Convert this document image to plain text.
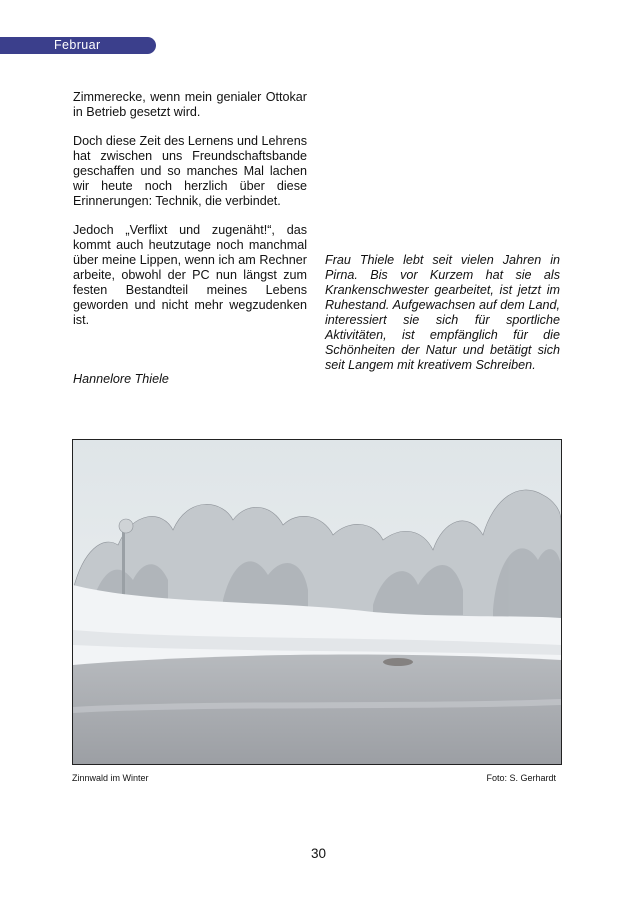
Februar

Zimmerecke, wenn mein genialer Ottokar in Betrieb gesetzt wird.

Doch diese Zeit des Lernens und Lehrens hat zwischen uns Freundschaftsbande geschaffen und so manches Mal lachen wir heute noch herzlich über diese Erinnerungen: Technik, die verbindet.

Jedoch „Verflixt und zugenäht!“, das kommt auch heutzutage noch manchmal über meine Lippen, wenn ich am Rechner arbeite, obwohl der PC nun längst zum festen Bestandteil meines Lebens geworden und nicht mehr wegzudenken ist.

Hannelore Thiele

Frau Thiele lebt seit vielen Jahren in Pirna. Bis vor Kurzem hat sie als Krankenschwester gearbeitet, ist jetzt im Ruhestand. Aufgewachsen auf dem Land, interessiert sie sich für sportliche Aktivitäten, ist empfänglich für die Schönheiten der Natur und betätigt sich seit Langem mit kreativem Schreiben.

Zinnwald im Winter	Foto: S. Gerhardt
30
